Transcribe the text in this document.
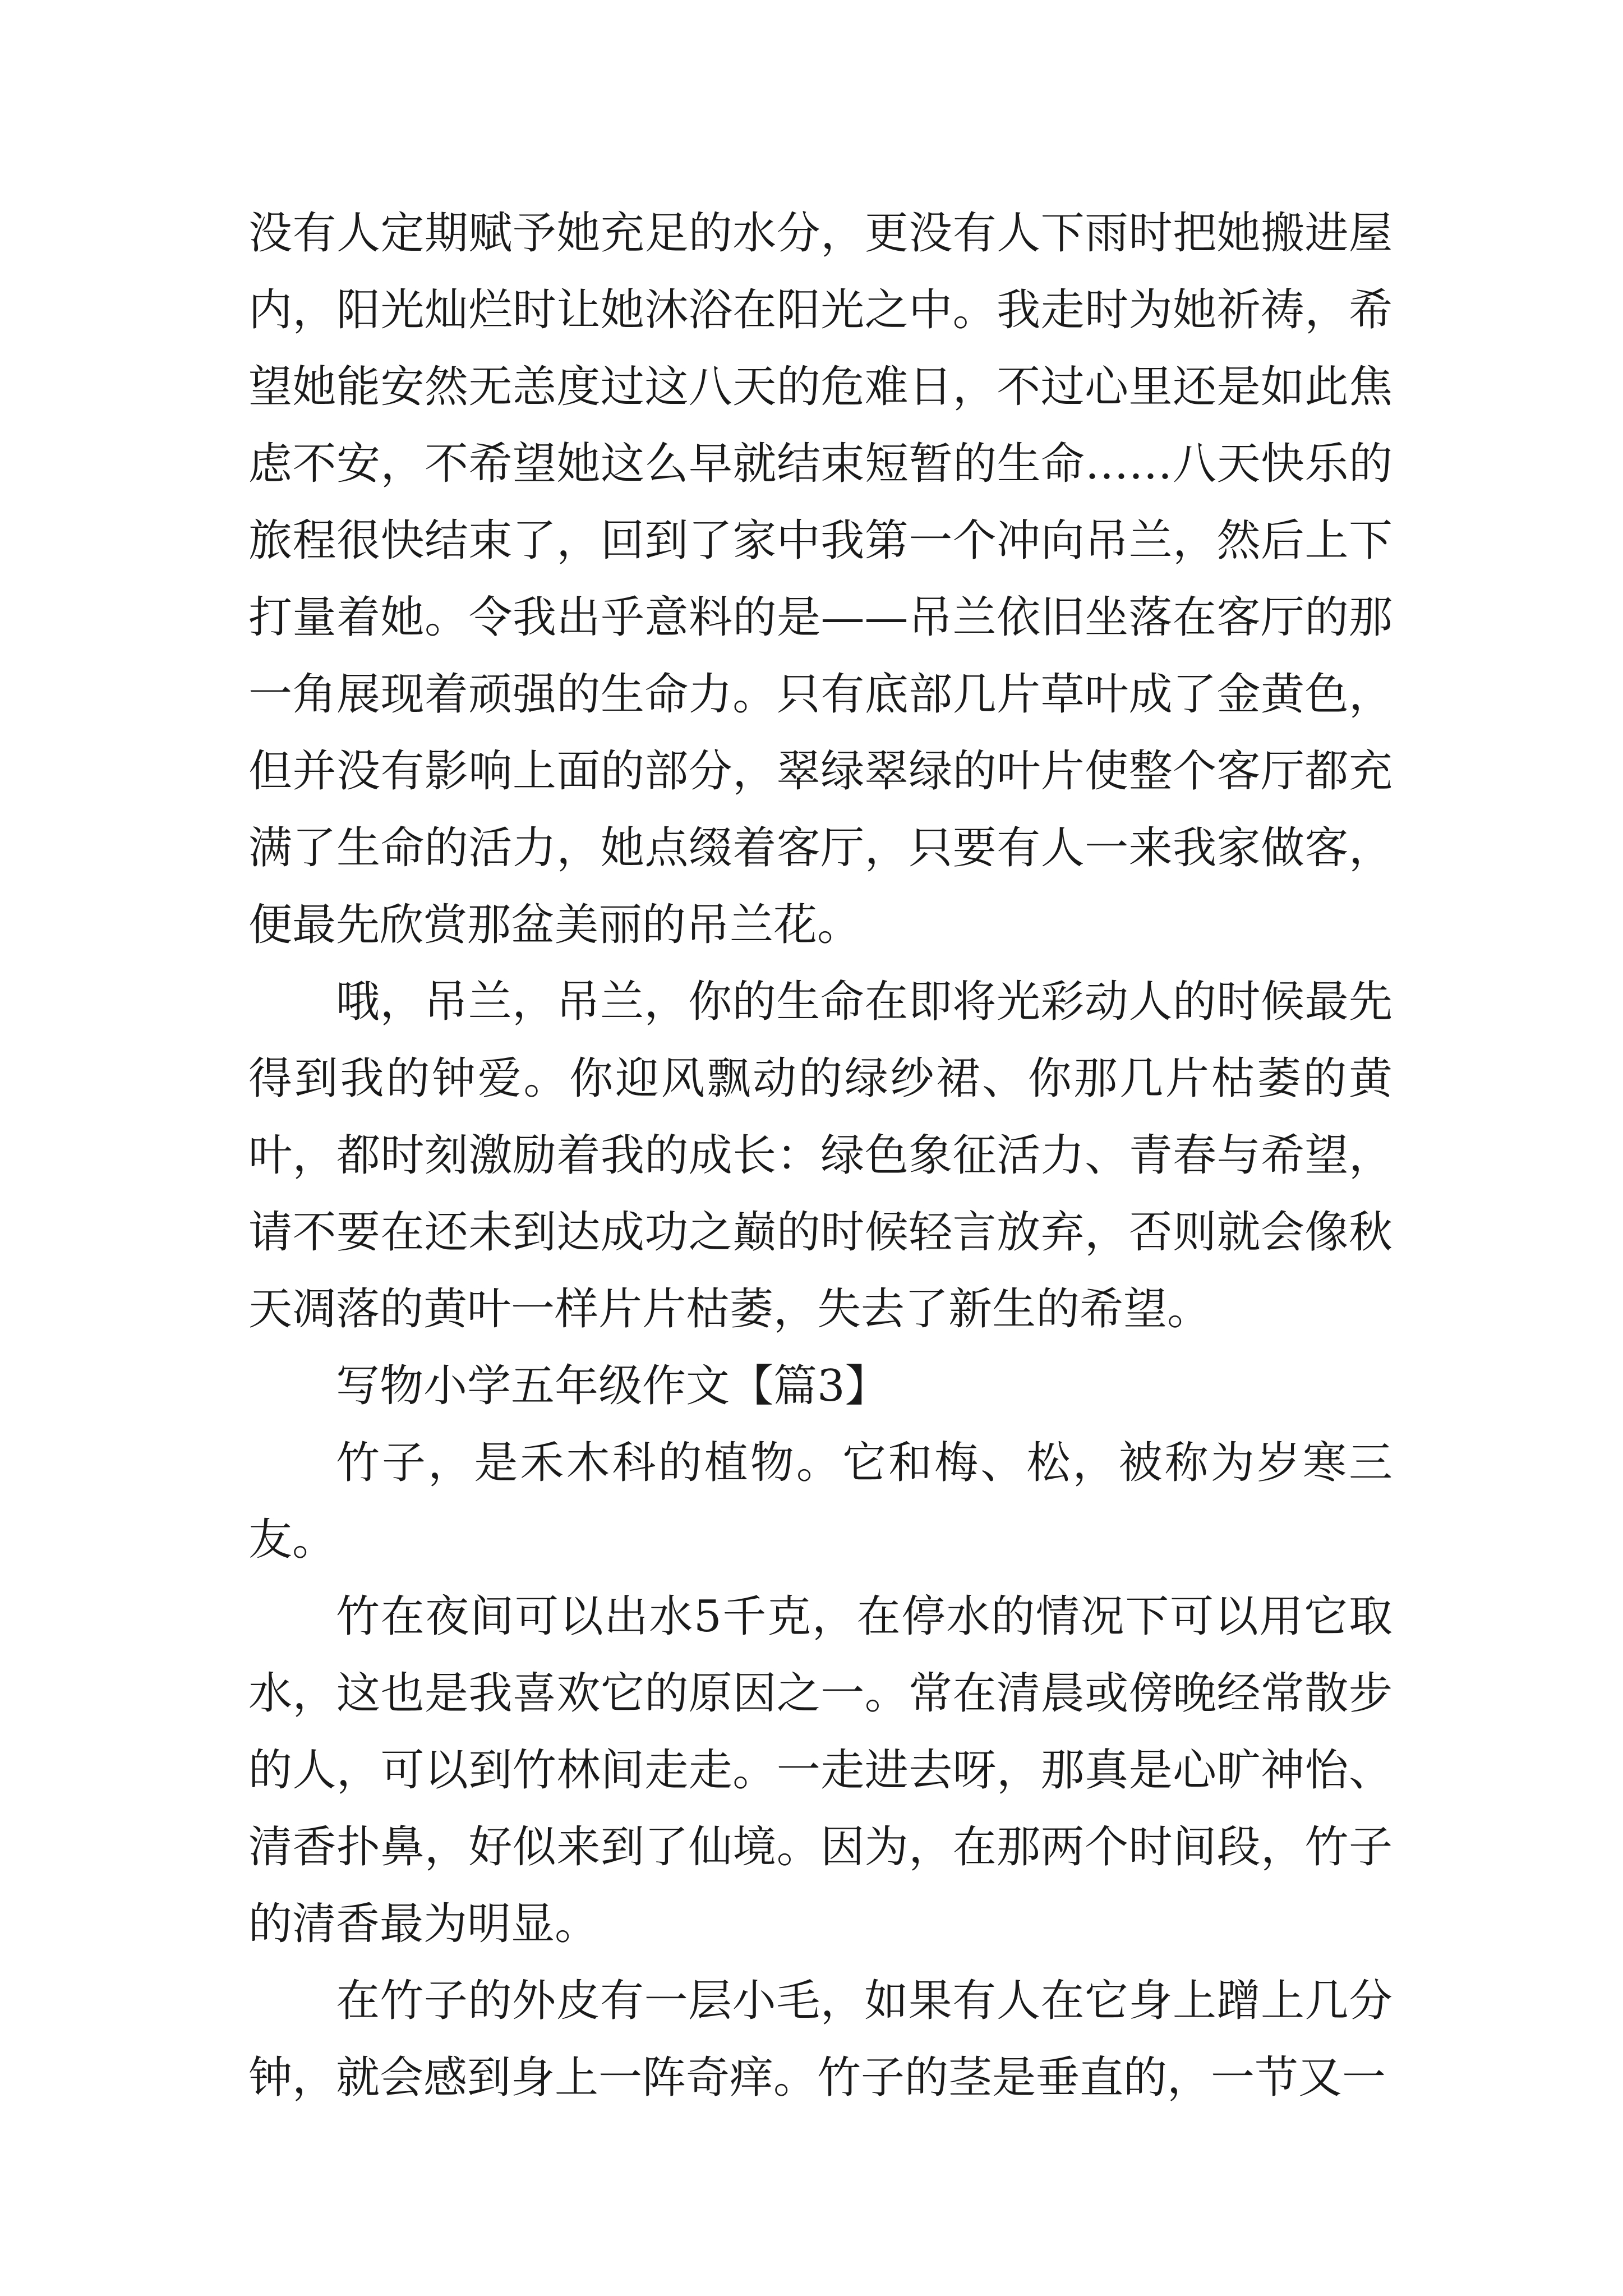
没有人定期赋予她充足的水分，更没有人下雨时把她搬进屋内，阳光灿烂时让她沐浴在阳光之中。我走时为她祈祷，希望她能安然无恙度过这八天的危难日，不过心里还是如此焦虑不安，不希望她这么早就结束短暂的生命……八天快乐的旅程很快结束了，回到了家中我第一个冲向吊兰，然后上下打量着她。令我出乎意料的是——吊兰依旧坐落在客厅的那一角展现着顽强的生命力。只有底部几片草叶成了金黄色，但并没有影响上面的部分，翠绿翠绿的叶片使整个客厅都充满了生命的活力，她点缀着客厅，只要有人一来我家做客，便最先欣赏那盆美丽的吊兰花。

哦，吊兰，吊兰，你的生命在即将光彩动人的时候最先得到我的钟爱。你迎风飘动的绿纱裙、你那几片枯萎的黄叶，都时刻激励着我的成长：绿色象征活力、青春与希望，请不要在还未到达成功之巅的时候轻言放弃，否则就会像秋天凋落的黄叶一样片片枯萎，失去了新生的希望。

写物小学五年级作文【篇3】

竹子，是禾木科的植物。它和梅、松，被称为岁寒三友。

竹在夜间可以出水5千克，在停水的情况下可以用它取水，这也是我喜欢它的原因之一。常在清晨或傍晚经常散步的人，可以到竹林间走走。一走进去呀，那真是心旷神怡、清香扑鼻，好似来到了仙境。因为，在那两个时间段，竹子的清香最为明显。

在竹子的外皮有一层小毛，如果有人在它身上蹭上几分钟，就会感到身上一阵奇痒。竹子的茎是垂直的，一节又一
